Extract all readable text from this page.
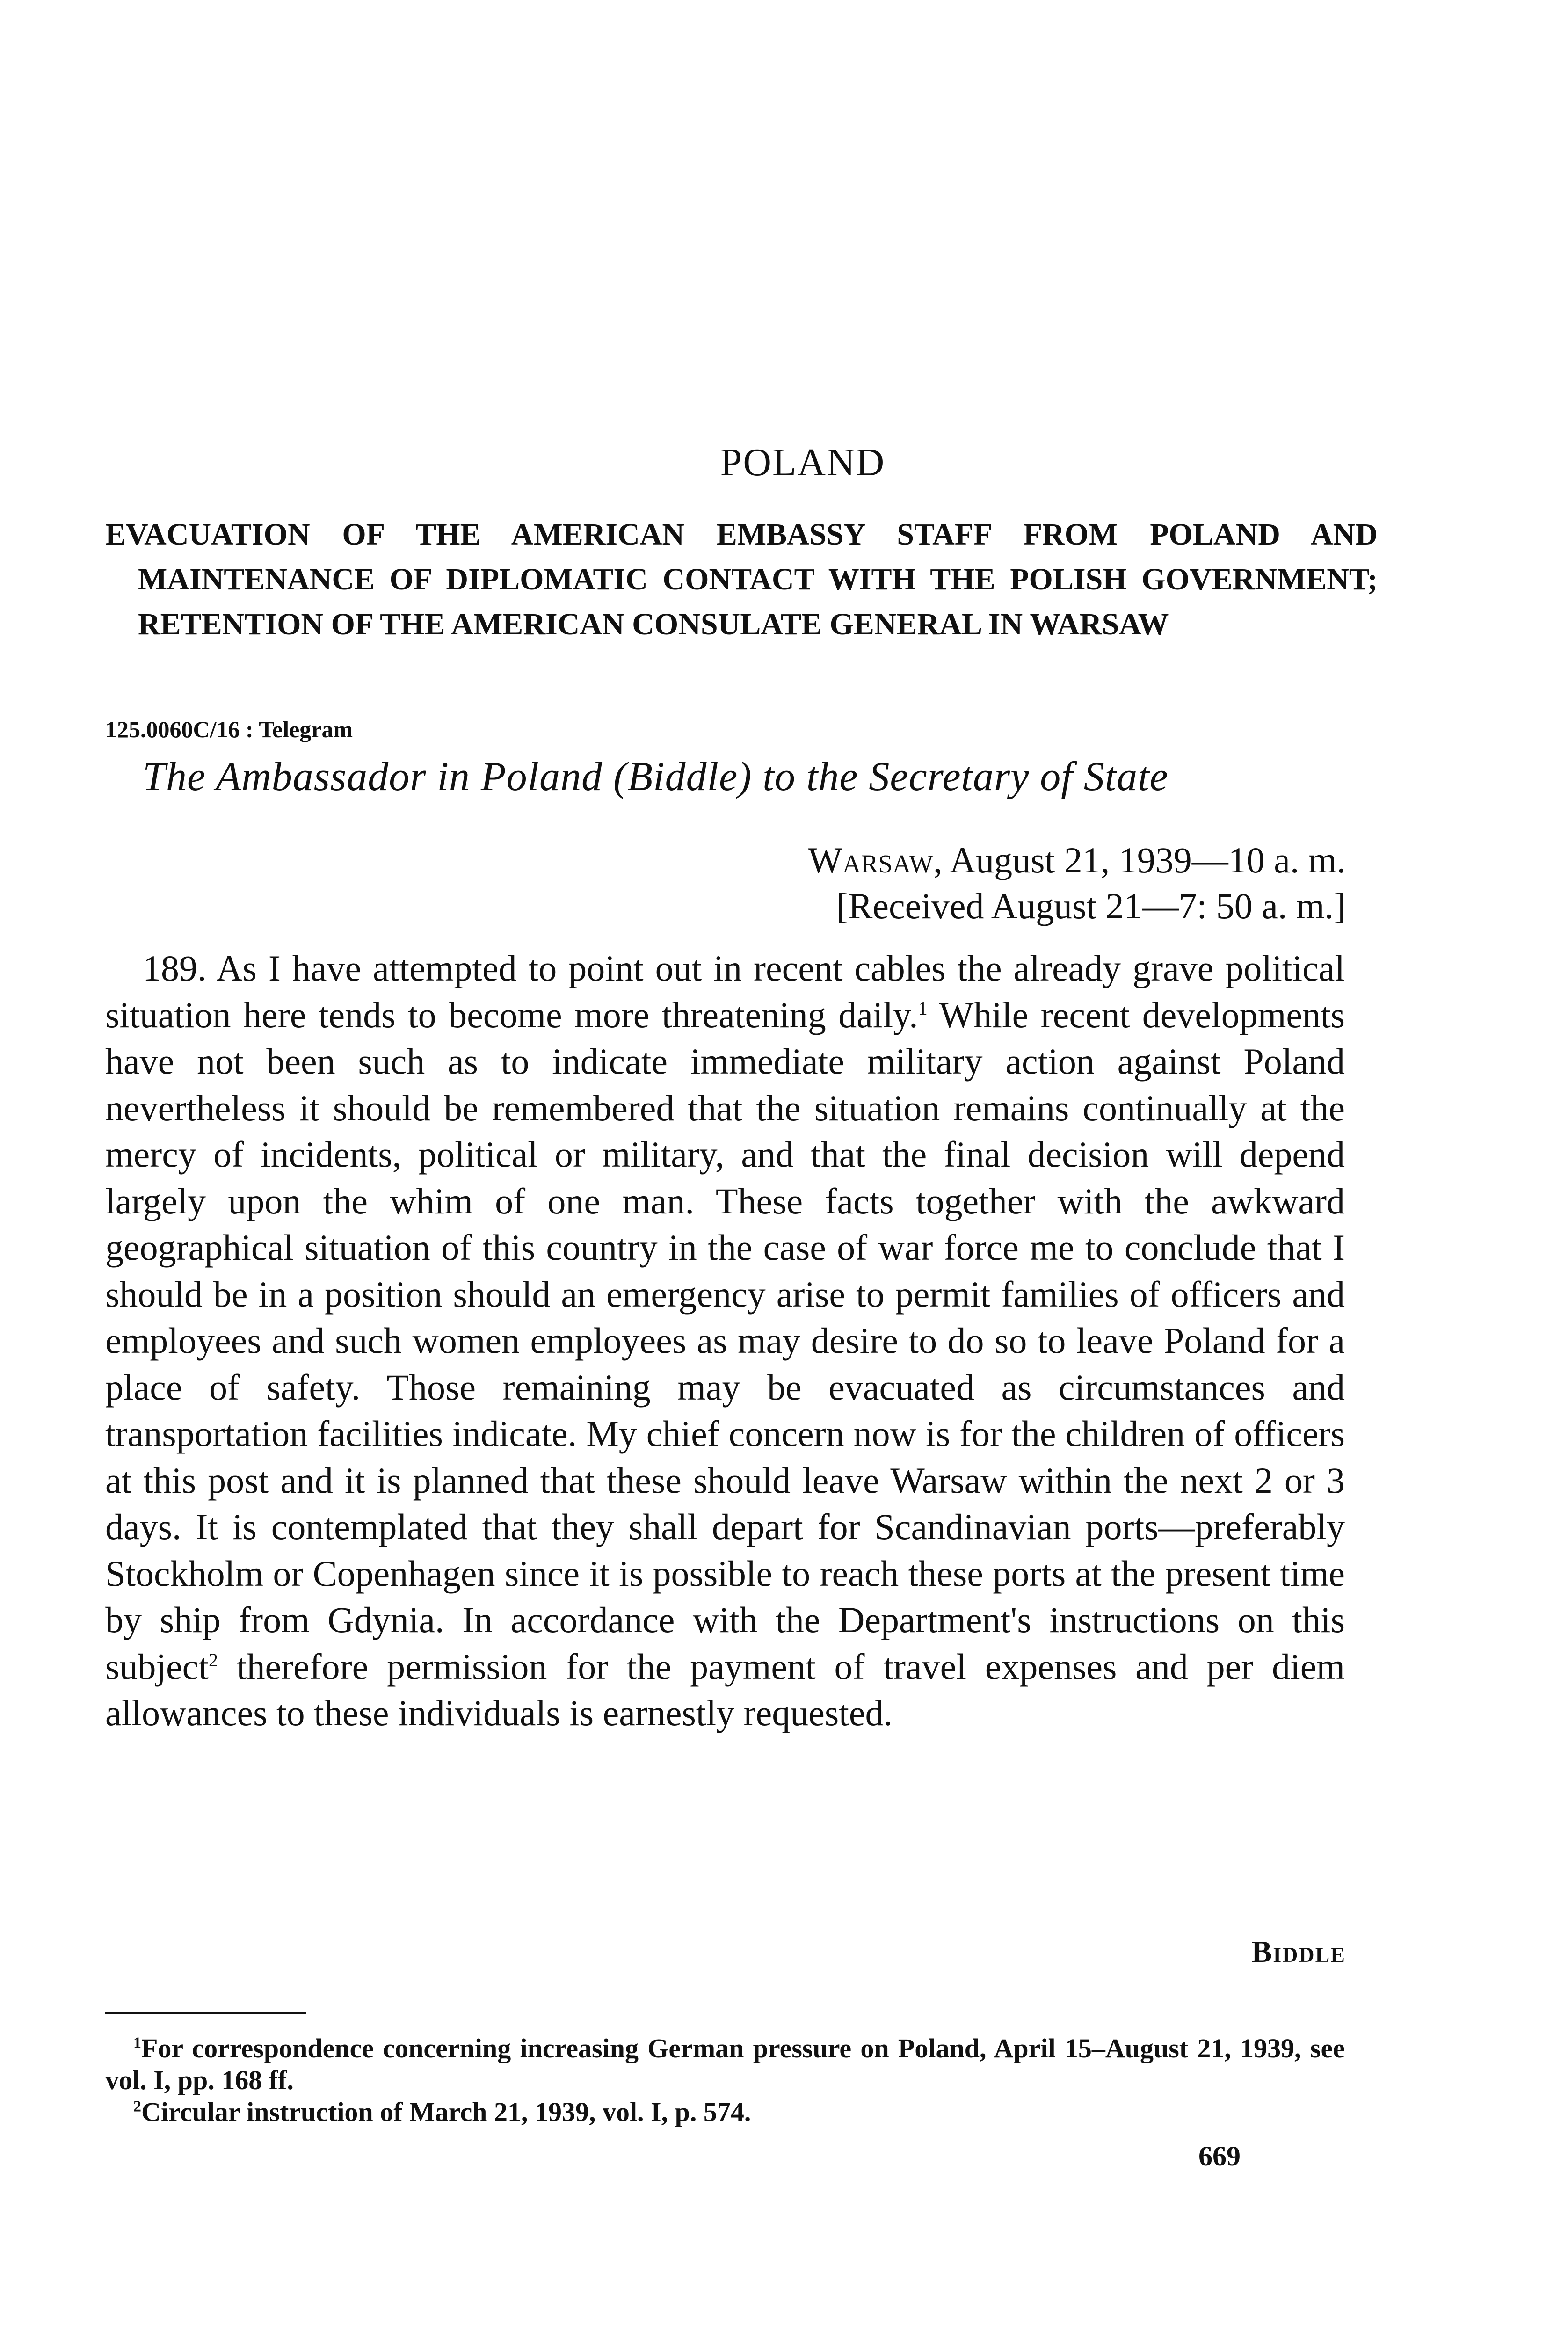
POLAND
EVACUATION OF THE AMERICAN EMBASSY STAFF FROM POLAND AND MAINTENANCE OF DIPLOMATIC CONTACT WITH THE POLISH GOVERNMENT; RETENTION OF THE AMERICAN CONSULATE GENERAL IN WARSAW
125.0060C/16 : Telegram
The Ambassador in Poland (Biddle) to the Secretary of State
Warsaw, August 21, 1939—10 a. m.
[Received August 21—7: 50 a. m.]

189. As I have attempted to point out in recent cables the already grave political situation here tends to become more threatening daily.$^1$ While recent developments have not been such as to indicate immediate military action against Poland nevertheless it should be remembered that the situation remains continually at the mercy of incidents, political or military, and that the final decision will depend largely upon the whim of one man. These facts together with the awkward geographical situation of this country in the case of war force me to conclude that I should be in a position should an emergency arise to permit families of officers and employees and such women employees as may desire to do so to leave Poland for a place of safety. Those remaining may be evacuated as circumstances and transportation facilities indicate. My chief concern now is for the children of officers at this post and it is planned that these should leave Warsaw within the next 2 or 3 days. It is contemplated that they shall depart for Scandinavian ports—preferably Stockholm or Copenhagen since it is possible to reach these ports at the present time by ship from Gdynia. In accordance with the Department's instructions on this subject$^2$ therefore permission for the payment of travel expenses and per diem allowances to these individuals is earnestly requested.

Biddle

$^1$For correspondence concerning increasing German pressure on Poland, April 15–August 21, 1939, see vol. I, pp. 168 ff.

$^2$Circular instruction of March 21, 1939, vol. I, p. 574.

669
